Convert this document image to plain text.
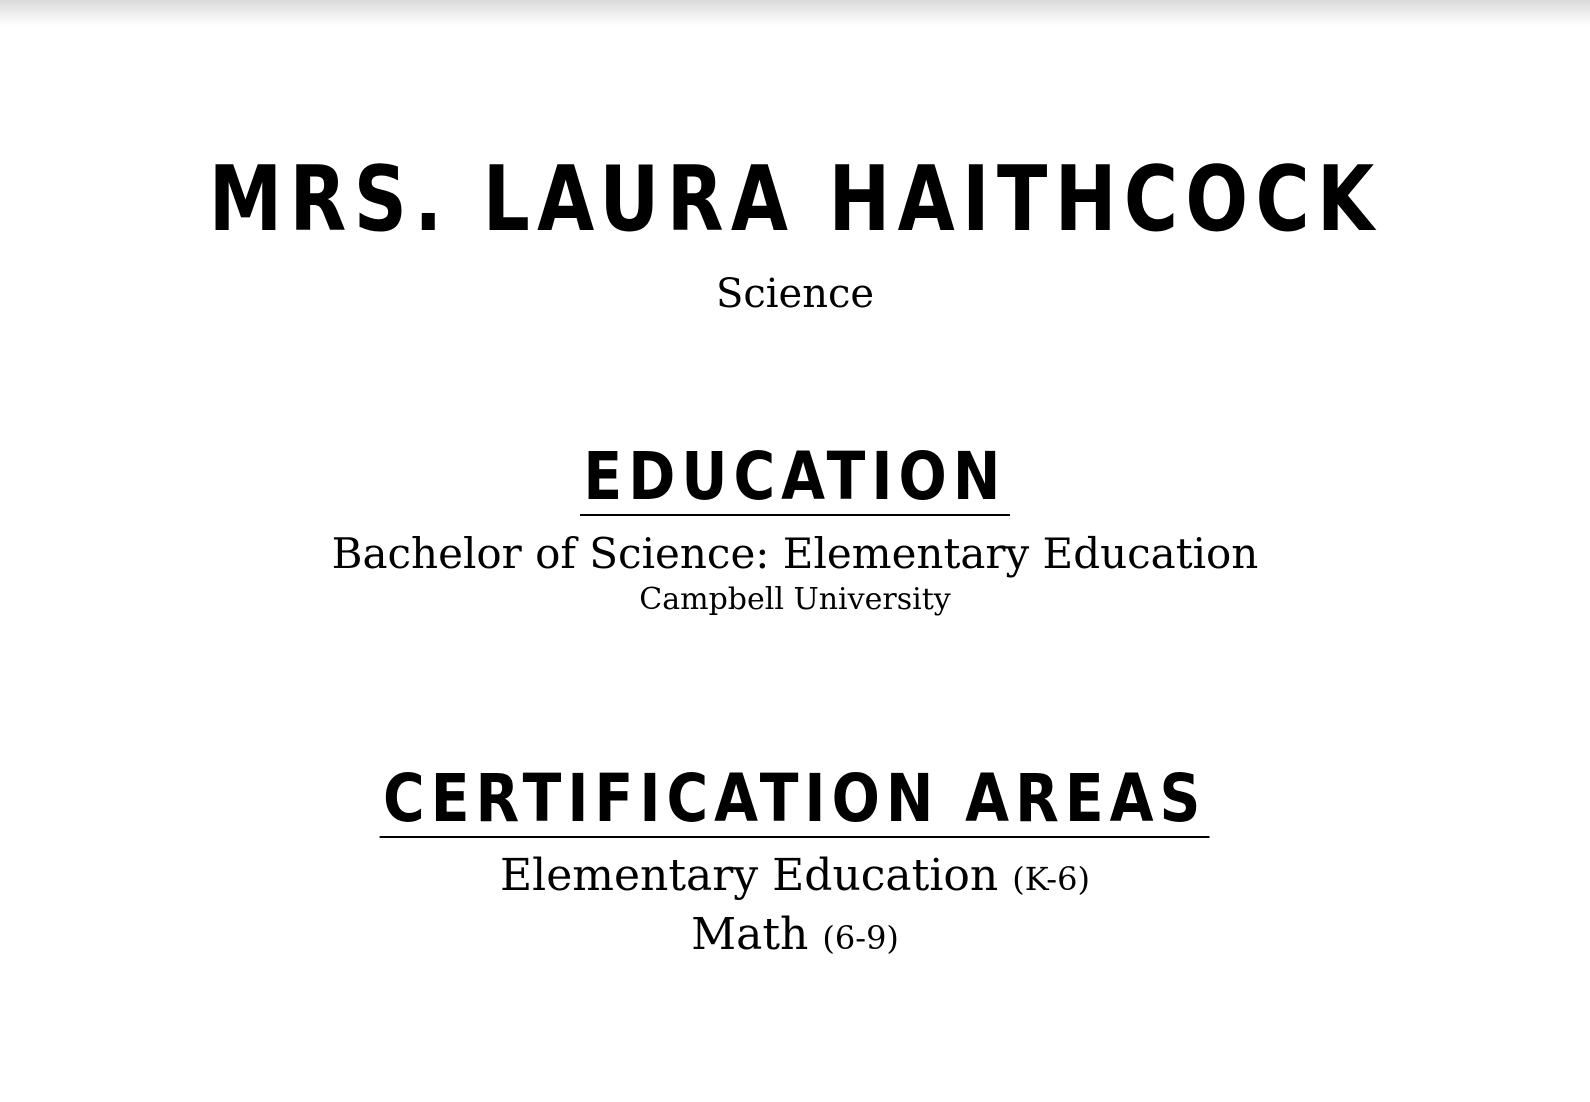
MRS. LAURA HAITHCOCK
Science
EDUCATION
Bachelor of Science: Elementary Education
Campbell University
CERTIFICATION AREAS
Elementary Education (K-6)
Math (6-9)
